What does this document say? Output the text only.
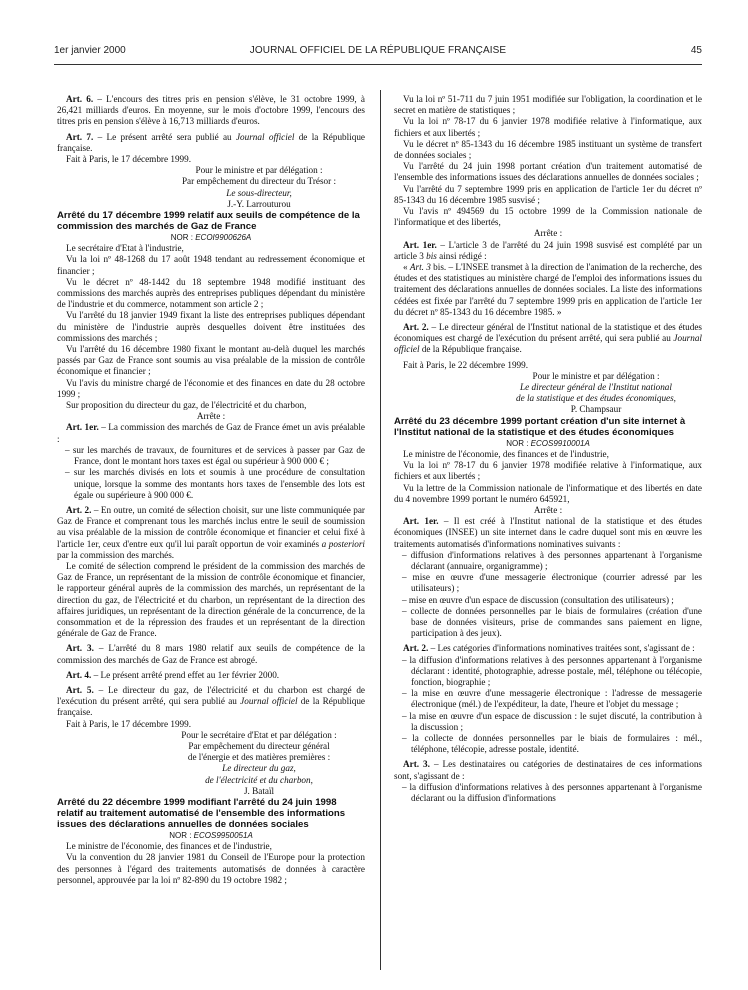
1er janvier 2000	JOURNAL OFFICIEL DE LA RÉPUBLIQUE FRANÇAISE	45

Art. 6. – L'encours des titres pris en pension s'élève, le 31 octobre 1999, à 26,421 milliards d'euros. En moyenne, sur le mois d'octobre 1999, l'encours des titres pris en pension s'élève à 16,713 milliards d'euros.

Art. 7. – Le présent arrêté sera publié au Journal officiel de la République française.

Fait à Paris, le 17 décembre 1999.

Pour le ministre et par délégation :

Par empêchement du directeur du Trésor :

Le sous-directeur,

J.-Y. Larrouturou

Arrêté du 17 décembre 1999 relatif aux seuils de compétence de la commission des marchés de Gaz de France

NOR : ECOI9900626A

Le secrétaire d'Etat à l'industrie,

Vu la loi nº 48-1268 du 17 août 1948 tendant au redressement économique et financier ;

Vu le décret nº 48-1442 du 18 septembre 1948 modifié instituant des commissions des marchés auprès des entreprises publiques dépendant du ministère de l'industrie et du commerce, notamment son article 2 ;

Vu l'arrêté du 18 janvier 1949 fixant la liste des entreprises publiques dépendant du ministère de l'industrie auprès desquelles doivent être instituées des commissions des marchés ;

Vu l'arrêté du 16 décembre 1980 fixant le montant au-delà duquel les marchés passés par Gaz de France sont soumis au visa préalable de la mission de contrôle économique et financier ;

Vu l'avis du ministre chargé de l'économie et des finances en date du 28 octobre 1999 ;

Sur proposition du directeur du gaz, de l'électricité et du charbon,

Arrête :

Art. 1er. – La commission des marchés de Gaz de France émet un avis préalable :

– sur les marchés de travaux, de fournitures et de services à passer par Gaz de France, dont le montant hors taxes est égal ou supérieur à 900 000 € ;

– sur les marchés divisés en lots et soumis à une procédure de consultation unique, lorsque la somme des montants hors taxes de l'ensemble des lots est égale ou supérieure à 900 000 €.

Art. 2. – En outre, un comité de sélection choisit, sur une liste communiquée par Gaz de France et comprenant tous les marchés inclus entre le seuil de soumission au visa préalable de la mission de contrôle économique et financier et celui fixé à l'article 1er, ceux d'entre eux qu'il lui paraît opportun de voir examinés a posteriori par la commission des marchés.

Le comité de sélection comprend le président de la commission des marchés de Gaz de France, un représentant de la mission de contrôle économique et financier, le rapporteur général auprès de la commission des marchés, un représentant de la direction du gaz, de l'électricité et du charbon, un représentant de la direction des affaires juridiques, un représentant de la direction générale de la concurrence, de la consommation et de la répression des fraudes et un représentant de la direction générale de Gaz de France.

Art. 3. – L'arrêté du 8 mars 1980 relatif aux seuils de compétence de la commission des marchés de Gaz de France est abrogé.

Art. 4. – Le présent arrêté prend effet au 1er février 2000.

Art. 5. – Le directeur du gaz, de l'électricité et du charbon est chargé de l'exécution du présent arrêté, qui sera publié au Journal officiel de la République française.

Fait à Paris, le 17 décembre 1999.

Pour le secrétaire d'Etat et par délégation :

Par empêchement du directeur général

de l'énergie et des matières premières :

Le directeur du gaz,

de l'électricité et du charbon,

J. Bataïl

Arrêté du 22 décembre 1999 modifiant l'arrêté du 24 juin 1998 relatif au traitement automatisé de l'ensemble des informations issues des déclarations annuelles de données sociales

NOR : ECOS9950051A

Le ministre de l'économie, des finances et de l'industrie,

Vu la convention du 28 janvier 1981 du Conseil de l'Europe pour la protection des personnes à l'égard des traitements automatisés de données à caractère personnel, approuvée par la loi nº 82-890 du 19 octobre 1982 ;

Vu la loi nº 51-711 du 7 juin 1951 modifiée sur l'obligation, la coordination et le secret en matière de statistiques ;

Vu la loi nº 78-17 du 6 janvier 1978 modifiée relative à l'informatique, aux fichiers et aux libertés ;

Vu le décret nº 85-1343 du 16 décembre 1985 instituant un système de transfert de données sociales ;

Vu l'arrêté du 24 juin 1998 portant création d'un traitement automatisé de l'ensemble des informations issues des déclarations annuelles de données sociales ;

Vu l'arrêté du 7 septembre 1999 pris en application de l'article 1er du décret nº 85-1343 du 16 décembre 1985 susvisé ;

Vu l'avis nº 494569 du 15 octobre 1999 de la Commission nationale de l'informatique et des libertés,

Arrête :

Art. 1er. – L'article 3 de l'arrêté du 24 juin 1998 susvisé est complété par un article 3 bis ainsi rédigé :

« Art. 3 bis. – L'INSEE transmet à la direction de l'animation de la recherche, des études et des statistiques au ministère chargé de l'emploi des informations issues du traitement des déclarations annuelles de données sociales. La liste des informations cédées est fixée par l'arrêté du 7 septembre 1999 pris en application de l'article 1er du décret nº 85-1343 du 16 décembre 1985. »

Art. 2. – Le directeur général de l'Institut national de la statistique et des études économiques est chargé de l'exécution du présent arrêté, qui sera publié au Journal officiel de la République française.

Fait à Paris, le 22 décembre 1999.

Pour le ministre et par délégation :

Le directeur général de l'Institut national

de la statistique et des études économiques,

P. Champsaur

Arrêté du 23 décembre 1999 portant création d'un site internet à l'Institut national de la statistique et des études économiques

NOR : ECOS9910001A

Le ministre de l'économie, des finances et de l'industrie,

Vu la loi nº 78-17 du 6 janvier 1978 modifiée relative à l'informatique, aux fichiers et aux libertés ;

Vu la lettre de la Commission nationale de l'informatique et des libertés en date du 4 novembre 1999 portant le numéro 645921,

Arrête :

Art. 1er. – Il est créé à l'Institut national de la statistique et des études économiques (INSEE) un site internet dans le cadre duquel sont mis en œuvre les traitements automatisés d'informations nominatives suivants :

– diffusion d'informations relatives à des personnes appartenant à l'organisme déclarant (annuaire, organigramme) ;

– mise en œuvre d'une messagerie électronique (courrier adressé par les utilisateurs) ;

– mise en œuvre d'un espace de discussion (consultation des utilisateurs) ;

– collecte de données personnelles par le biais de formulaires (création d'une base de données visiteurs, prise de commandes sans paiement en ligne, participation à des jeux).

Art. 2. – Les catégories d'informations nominatives traitées sont, s'agissant de :

– la diffusion d'informations relatives à des personnes appartenant à l'organisme déclarant : identité, photographie, adresse postale, mél, téléphone ou télécopie, fonction, biographie ;

– la mise en œuvre d'une messagerie électronique : l'adresse de messagerie électronique (mél.) de l'expéditeur, la date, l'heure et l'objet du message ;

– la mise en œuvre d'un espace de discussion : le sujet discuté, la contribution à la discussion ;

– la collecte de données personnelles par le biais de formulaires : mél., téléphone, télécopie, adresse postale, identité.

Art. 3. – Les destinataires ou catégories de destinataires de ces informations sont, s'agissant de :

– la diffusion d'informations relatives à des personnes appartenant à l'organisme déclarant ou la diffusion d'informations
